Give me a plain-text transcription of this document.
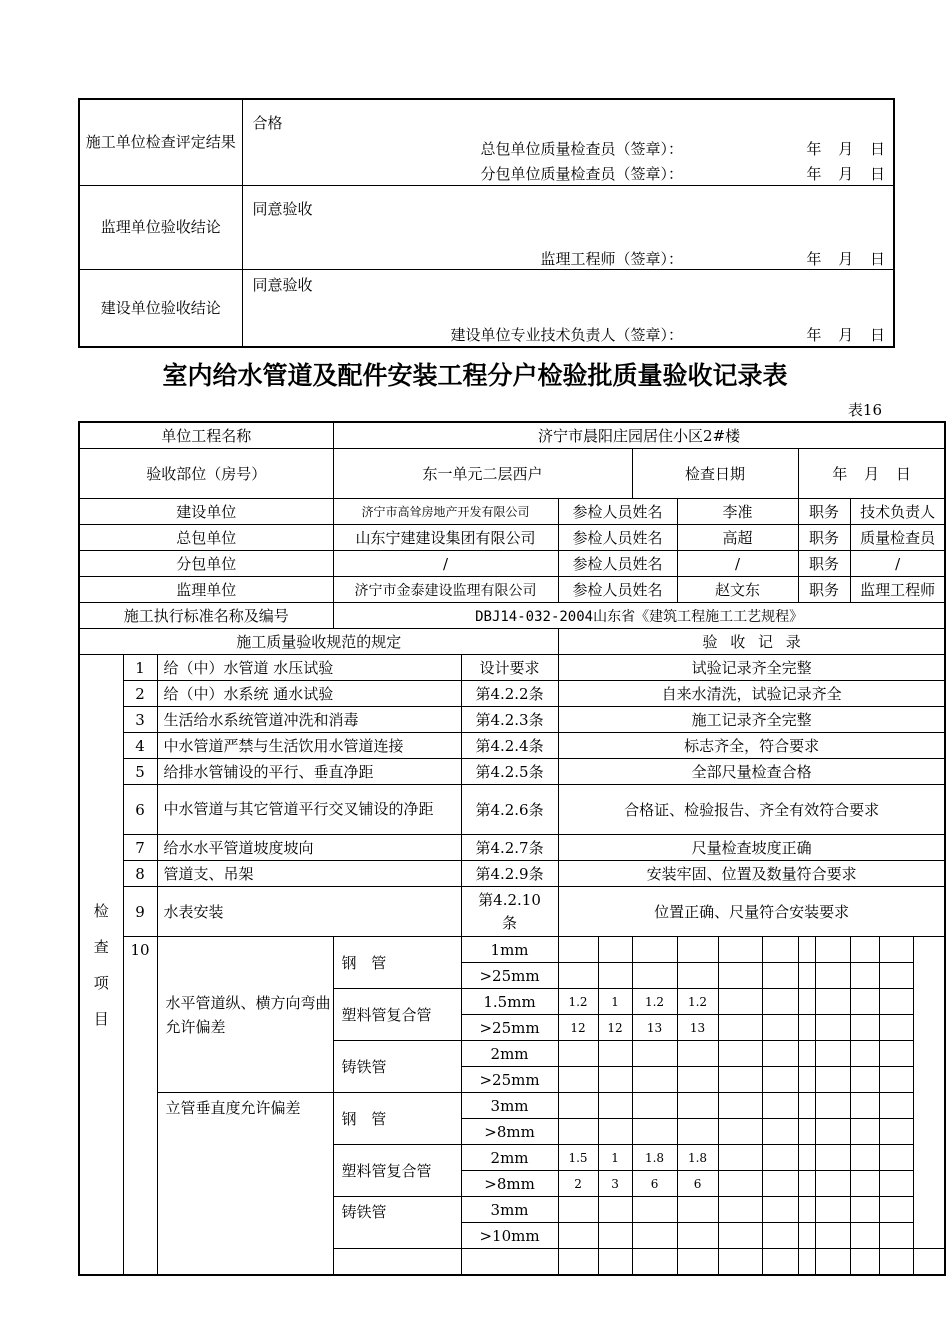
施工单位检查评定结果	合格
总包单位质量检查员（签章）： 年 月 日
分包单位质量检查员（签章）： 年 月 日

监理单位验收结论	同意验收
监理工程师（签章）： 年 月 日

建设单位验收结论	同意验收
建设单位专业技术负责人（签章）： 年 月 日
室内给水管道及配件安装工程分户检验批质量验收记录表
表16
单位工程名称			济宁市晨阳庄园居住小区2#楼													
验收部位（房号）			东一单元二层西户				检查日期				年 月 日					
建设单位			济宁市高耸房地产开发有限公司		参检人员姓名			李准			职务		技术负责人			
总包单位			山东宁建建设集团有限公司		参检人员姓名			高超			职务		质量检查员			
分包单位			/		参检人员姓名			/			职务		/			
监理单位			济宁市金泰建设监理有限公司		参检人员姓名			赵文东			职务		监理工程师			
施工执行标准名称及编号			DBJ14-032-2004山东省《建筑工程施工工艺规程》													
施工质量验收规范的规定					验 收 记 录											
检
查
项
目	1	给（中）水管道 水压试验		设计要求	试验记录齐全完整											
	2	给（中）水系统 通水试验		第4.2.2条	自来水清洗，试验记录齐全											
	3	生活给水系统管道冲洗和消毒		第4.2.3条	施工记录齐全完整											
	4	中水管道严禁与生活饮用水管道连接		第4.2.4条	标志齐全，符合要求											
	5	给排水管铺设的平行、垂直净距		第4.2.5条	全部尺量检查合格											
	6	中水管道与其它管道平行交叉铺设的净距		第4.2.6条	合格证、检验报告、齐全有效符合要求											
	7	给水水平管道坡度坡向		第4.2.7条	尺量检查坡度正确											
	8	管道支、吊架		第4.2.9条	安装牢固、位置及数量符合要求											
	9	水表安装		第4.2.10条	位置正确、尺量符合安装要求											
	10	水平管道纵、横方向弯曲允许偏差	钢 管	1mm												
				>25mm												
			塑料管复合管	1.5mm	1.2	1	1.2	1.2								
				>25mm	12	12	13	13								
			铸铁管	2mm												
				>25mm												
		立管垂直度允许偏差	钢 管	3mm												
				>8mm												
			塑料管复合管	2mm	1.5	1	1.8	1.8								
				>8mm	2	3	6	6								
			铸铁管	3mm												
				>10mm												
